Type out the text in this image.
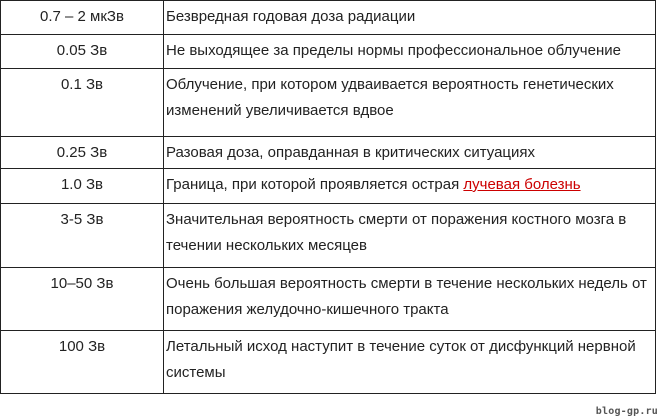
0.7 – 2 мкЗв	Безвредная годовая доза радиации
0.05 Зв	Не выходящее за пределы нормы профессиональное облучение
0.1 Зв	Облучение, при котором удваивается вероятность генетических изменений увеличивается вдвое
0.25 Зв	Разовая доза, оправданная в критических ситуациях
1.0 Зв	Граница, при которой проявляется острая лучевая болезнь
3-5 Зв	Значительная вероятность смерти от поражения костного мозга в течении нескольких месяцев
10–50 Зв	Очень большая вероятность смерти в течение нескольких недель от поражения желудочно-кишечного тракта
100 Зв	Летальный исход наступит в течение суток от дисфункций нервной системы
blog-gp.ru
